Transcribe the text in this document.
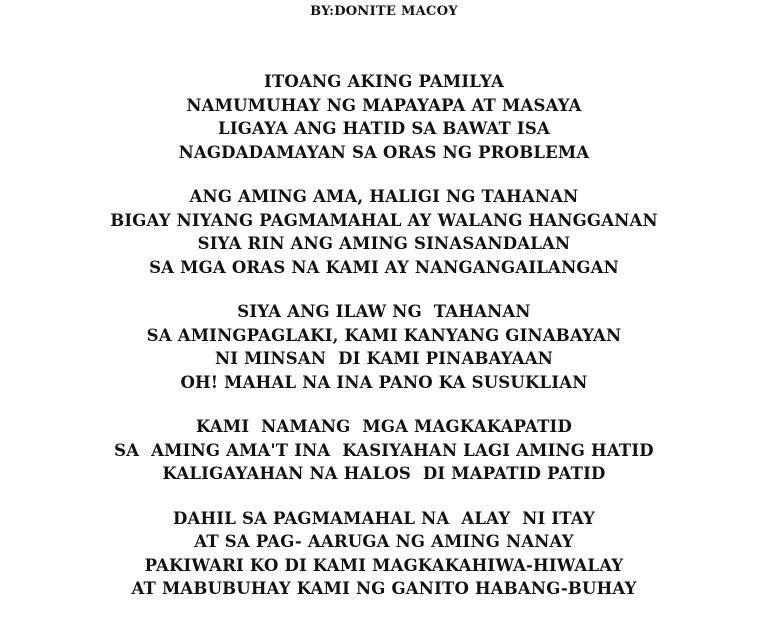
BY:DONITE MACOY
ITOANG AKING PAMILYA
NAMUMUHAY NG MAPAYAPA AT MASAYA
LIGAYA ANG HATID SA BAWAT ISA
NAGDADAMAYAN SA ORAS NG PROBLEMA
ANG AMING AMA, HALIGI NG TAHANAN
BIGAY NIYANG PAGMAMAHAL AY WALANG HANGGANAN
SIYA RIN ANG AMING SINASANDALAN
SA MGA ORAS NA KAMI AY NANGANGAILANGAN
SIYA ANG ILAW NG  TAHANAN
SA AMINGPAGLAKI, KAMI KANYANG GINABAYAN
NI MINSAN  DI KAMI PINABAYAAN
OH! MAHAL NA INA PANO KA SUSUKLIAN
KAMI  NAMANG  MGA MAGKAKAPATID
SA  AMING AMA'T INA  KASIYAHAN LAGI AMING HATID
KALIGAYAHAN NA HALOS  DI MAPATID PATID
DAHIL SA PAGMAMAHAL NA  ALAY  NI ITAY
AT SA PAG- AARUGA NG AMING NANAY
PAKIWARI KO DI KAMI MAGKAKAHIWA-HIWALAY
AT MABUBUHAY KAMI NG GANITO HABANG-BUHAY
